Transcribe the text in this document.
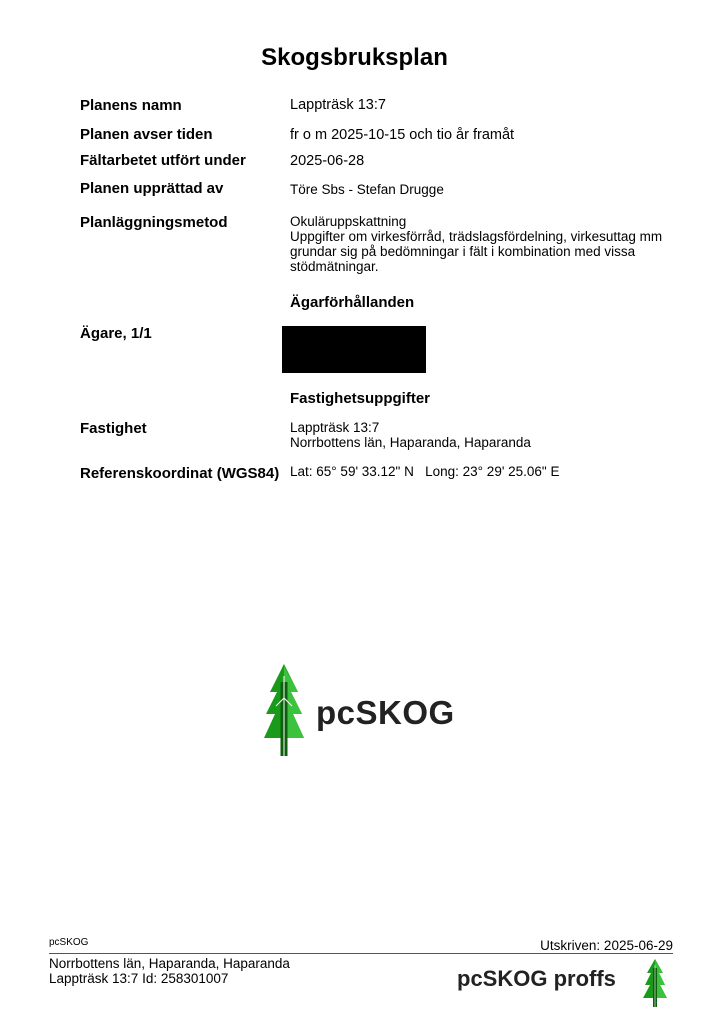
Skogsbruksplan
Planens namn	Lappträsk 13:7
Planen avser tiden	fr o m 2025-10-15 och tio år framåt
Fältarbetet utfört under	2025-06-28
Planen upprättad av	Töre Sbs - Stefan Drugge
Planläggningsmetod	Okuläruppskattning
Uppgifter om virkesförråd, trädslagsfördelning, virkesuttag mm
grundar sig på bedömningar i fält i kombination med vissa
stödmätningar.
Ägarförhållanden
Ägare, 1/1
Fastighetsuppgifter
Fastighet	Lappträsk 13:7
Norrbottens län, Haparanda, Haparanda
Referenskoordinat (WGS84) Lat: 65° 59' 33.12" N   Long: 23° 29' 25.06" E
pcSKOG
pcSKOG	Utskriven: 2025-06-29
Norrbottens län, Haparanda, Haparanda
Lappträsk 13:7 Id: 258301007	pcSKOG proffs
